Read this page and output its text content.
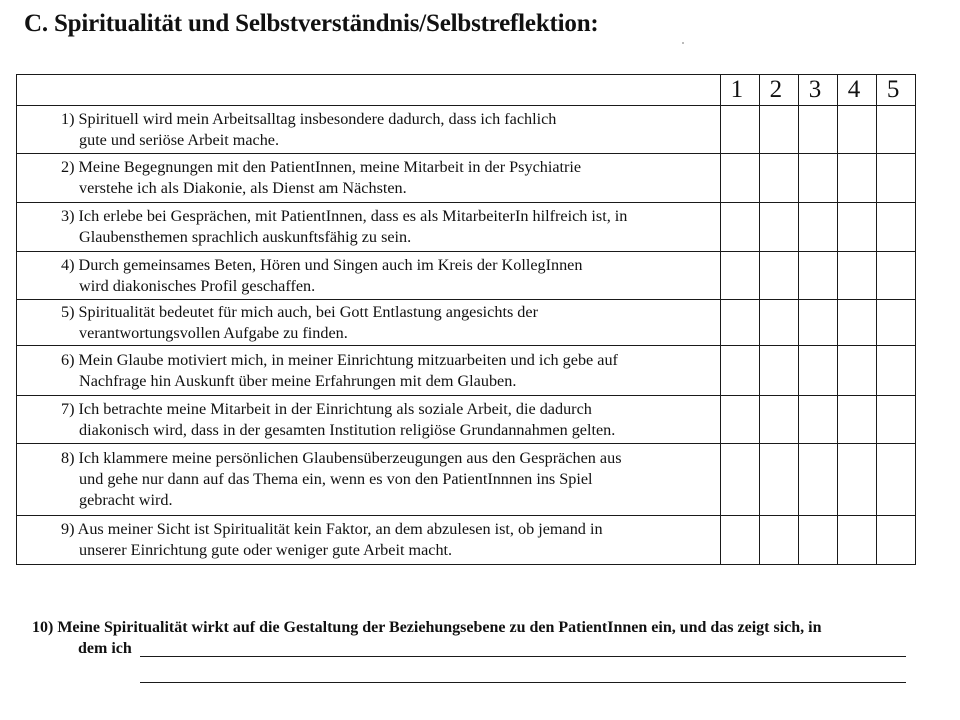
C. Spiritualität und Selbstverständnis/Selbstreflektion:
	1	2	3	4	5

1) Spirituell wird mein Arbeitsalltag insbesondere dadurch, dass ich fachlich
gute und seriöse Arbeit mache.					

2) Meine Begegnungen mit den PatientInnen, meine Mitarbeit in der Psychiatrie
verstehe ich als Diakonie, als Dienst am Nächsten.					

3) Ich erlebe bei Gesprächen, mit PatientInnen, dass es als MitarbeiterIn hilfreich ist, in
Glaubensthemen sprachlich auskunftsfähig zu sein.					

4) Durch gemeinsames Beten, Hören und Singen auch im Kreis der KollegInnen
wird diakonisches Profil geschaffen.					

5) Spiritualität bedeutet für mich auch, bei Gott Entlastung angesichts der
verantwortungsvollen Aufgabe zu finden.					

6) Mein Glaube motiviert mich, in meiner Einrichtung mitzuarbeiten und ich gebe auf
Nachfrage hin Auskunft über meine Erfahrungen mit dem Glauben.					

7) Ich betrachte meine Mitarbeit in der Einrichtung als soziale Arbeit, die dadurch
diakonisch wird, dass in der gesamten Institution religiöse Grundannahmen gelten.					

8) Ich klammere meine persönlichen Glaubensüberzeugungen aus den Gesprächen aus
und gehe nur dann auf das Thema ein, wenn es von den PatientInnnen ins Spiel
gebracht wird.					

9) Aus meiner Sicht ist Spiritualität kein Faktor, an dem abzulesen ist, ob jemand in
unserer Einrichtung gute oder weniger gute Arbeit macht.					

10) Meine Spiritualität wirkt auf die Gestaltung der Beziehungsebene zu den PatientInnen ein, und das zeigt sich, in
dem ich
